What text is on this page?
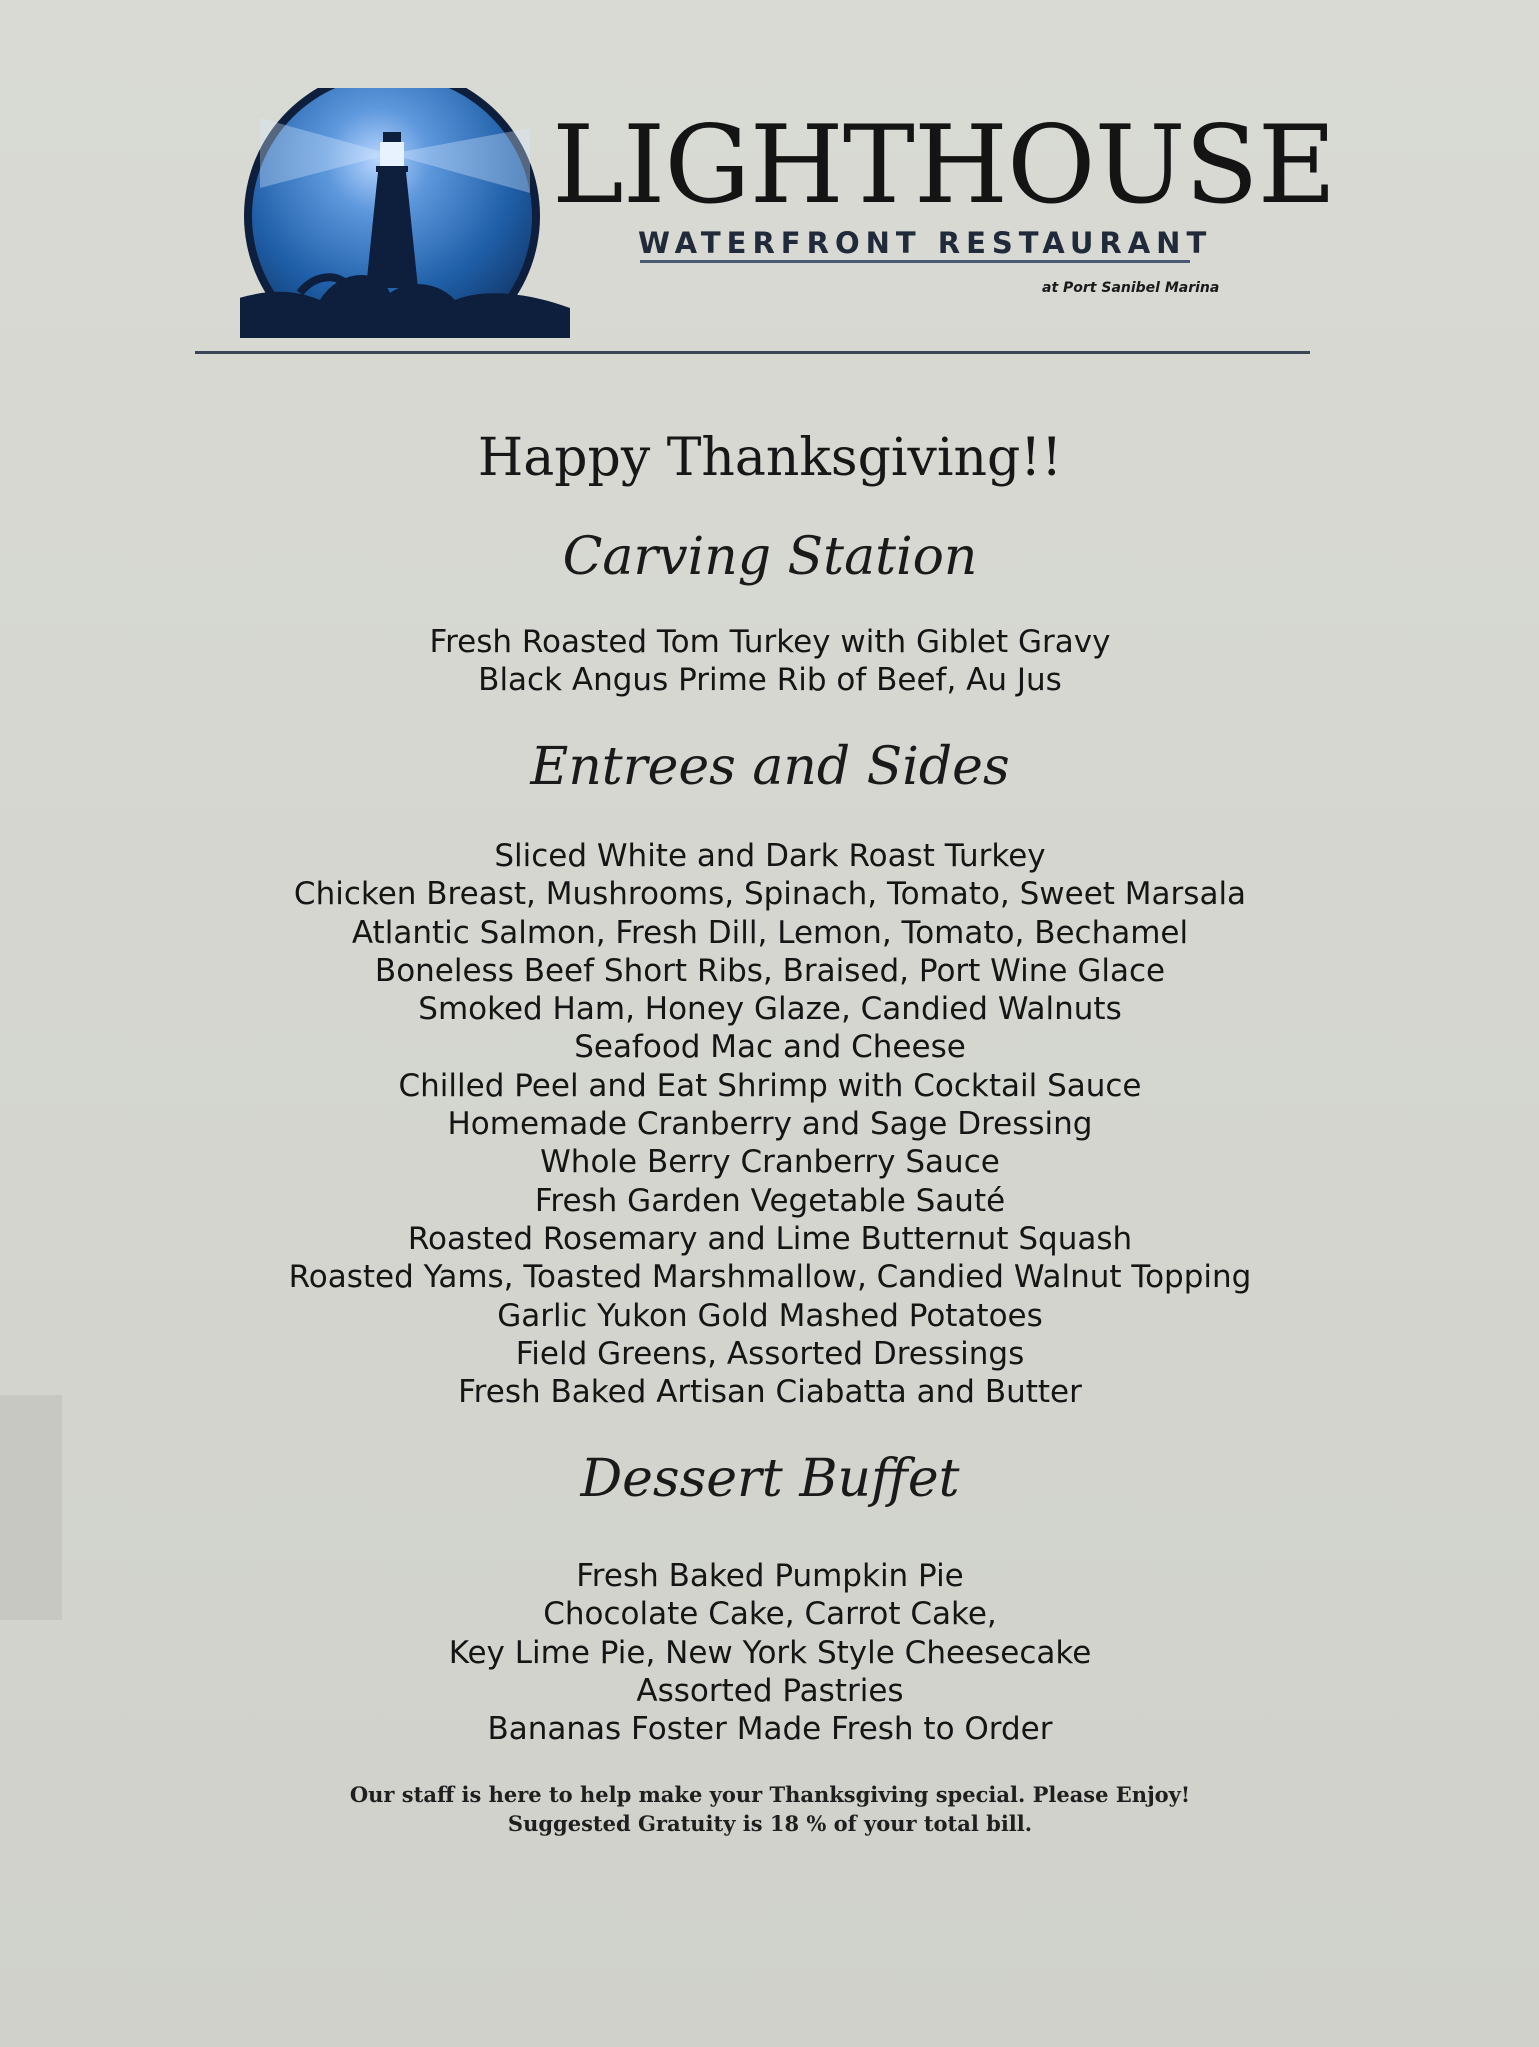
LIGHTHOUSE
WATERFRONT RESTAURANT
at Port Sanibel Marina
Happy Thanksgiving!!
Carving Station
Fresh Roasted Tom Turkey with Giblet Gravy
Black Angus Prime Rib of Beef, Au Jus
Entrees and Sides
Sliced White and Dark Roast Turkey
Chicken Breast, Mushrooms, Spinach, Tomato, Sweet Marsala
Atlantic Salmon, Fresh Dill, Lemon, Tomato, Bechamel
Boneless Beef Short Ribs, Braised, Port Wine Glace
Smoked Ham, Honey Glaze, Candied Walnuts
Seafood Mac and Cheese
Chilled Peel and Eat Shrimp with Cocktail Sauce
Homemade Cranberry and Sage Dressing
Whole Berry Cranberry Sauce
Fresh Garden Vegetable Sauté
Roasted Rosemary and Lime Butternut Squash
Roasted Yams, Toasted Marshmallow, Candied Walnut Topping
Garlic Yukon Gold Mashed Potatoes
Field Greens, Assorted Dressings
Fresh Baked Artisan Ciabatta and Butter
Dessert Buffet
Fresh Baked Pumpkin Pie
Chocolate Cake, Carrot Cake,
Key Lime Pie, New York Style Cheesecake
Assorted Pastries
Bananas Foster Made Fresh to Order
Our staff is here to help make your Thanksgiving special. Please Enjoy!
Suggested Gratuity is 18 % of your total bill.
